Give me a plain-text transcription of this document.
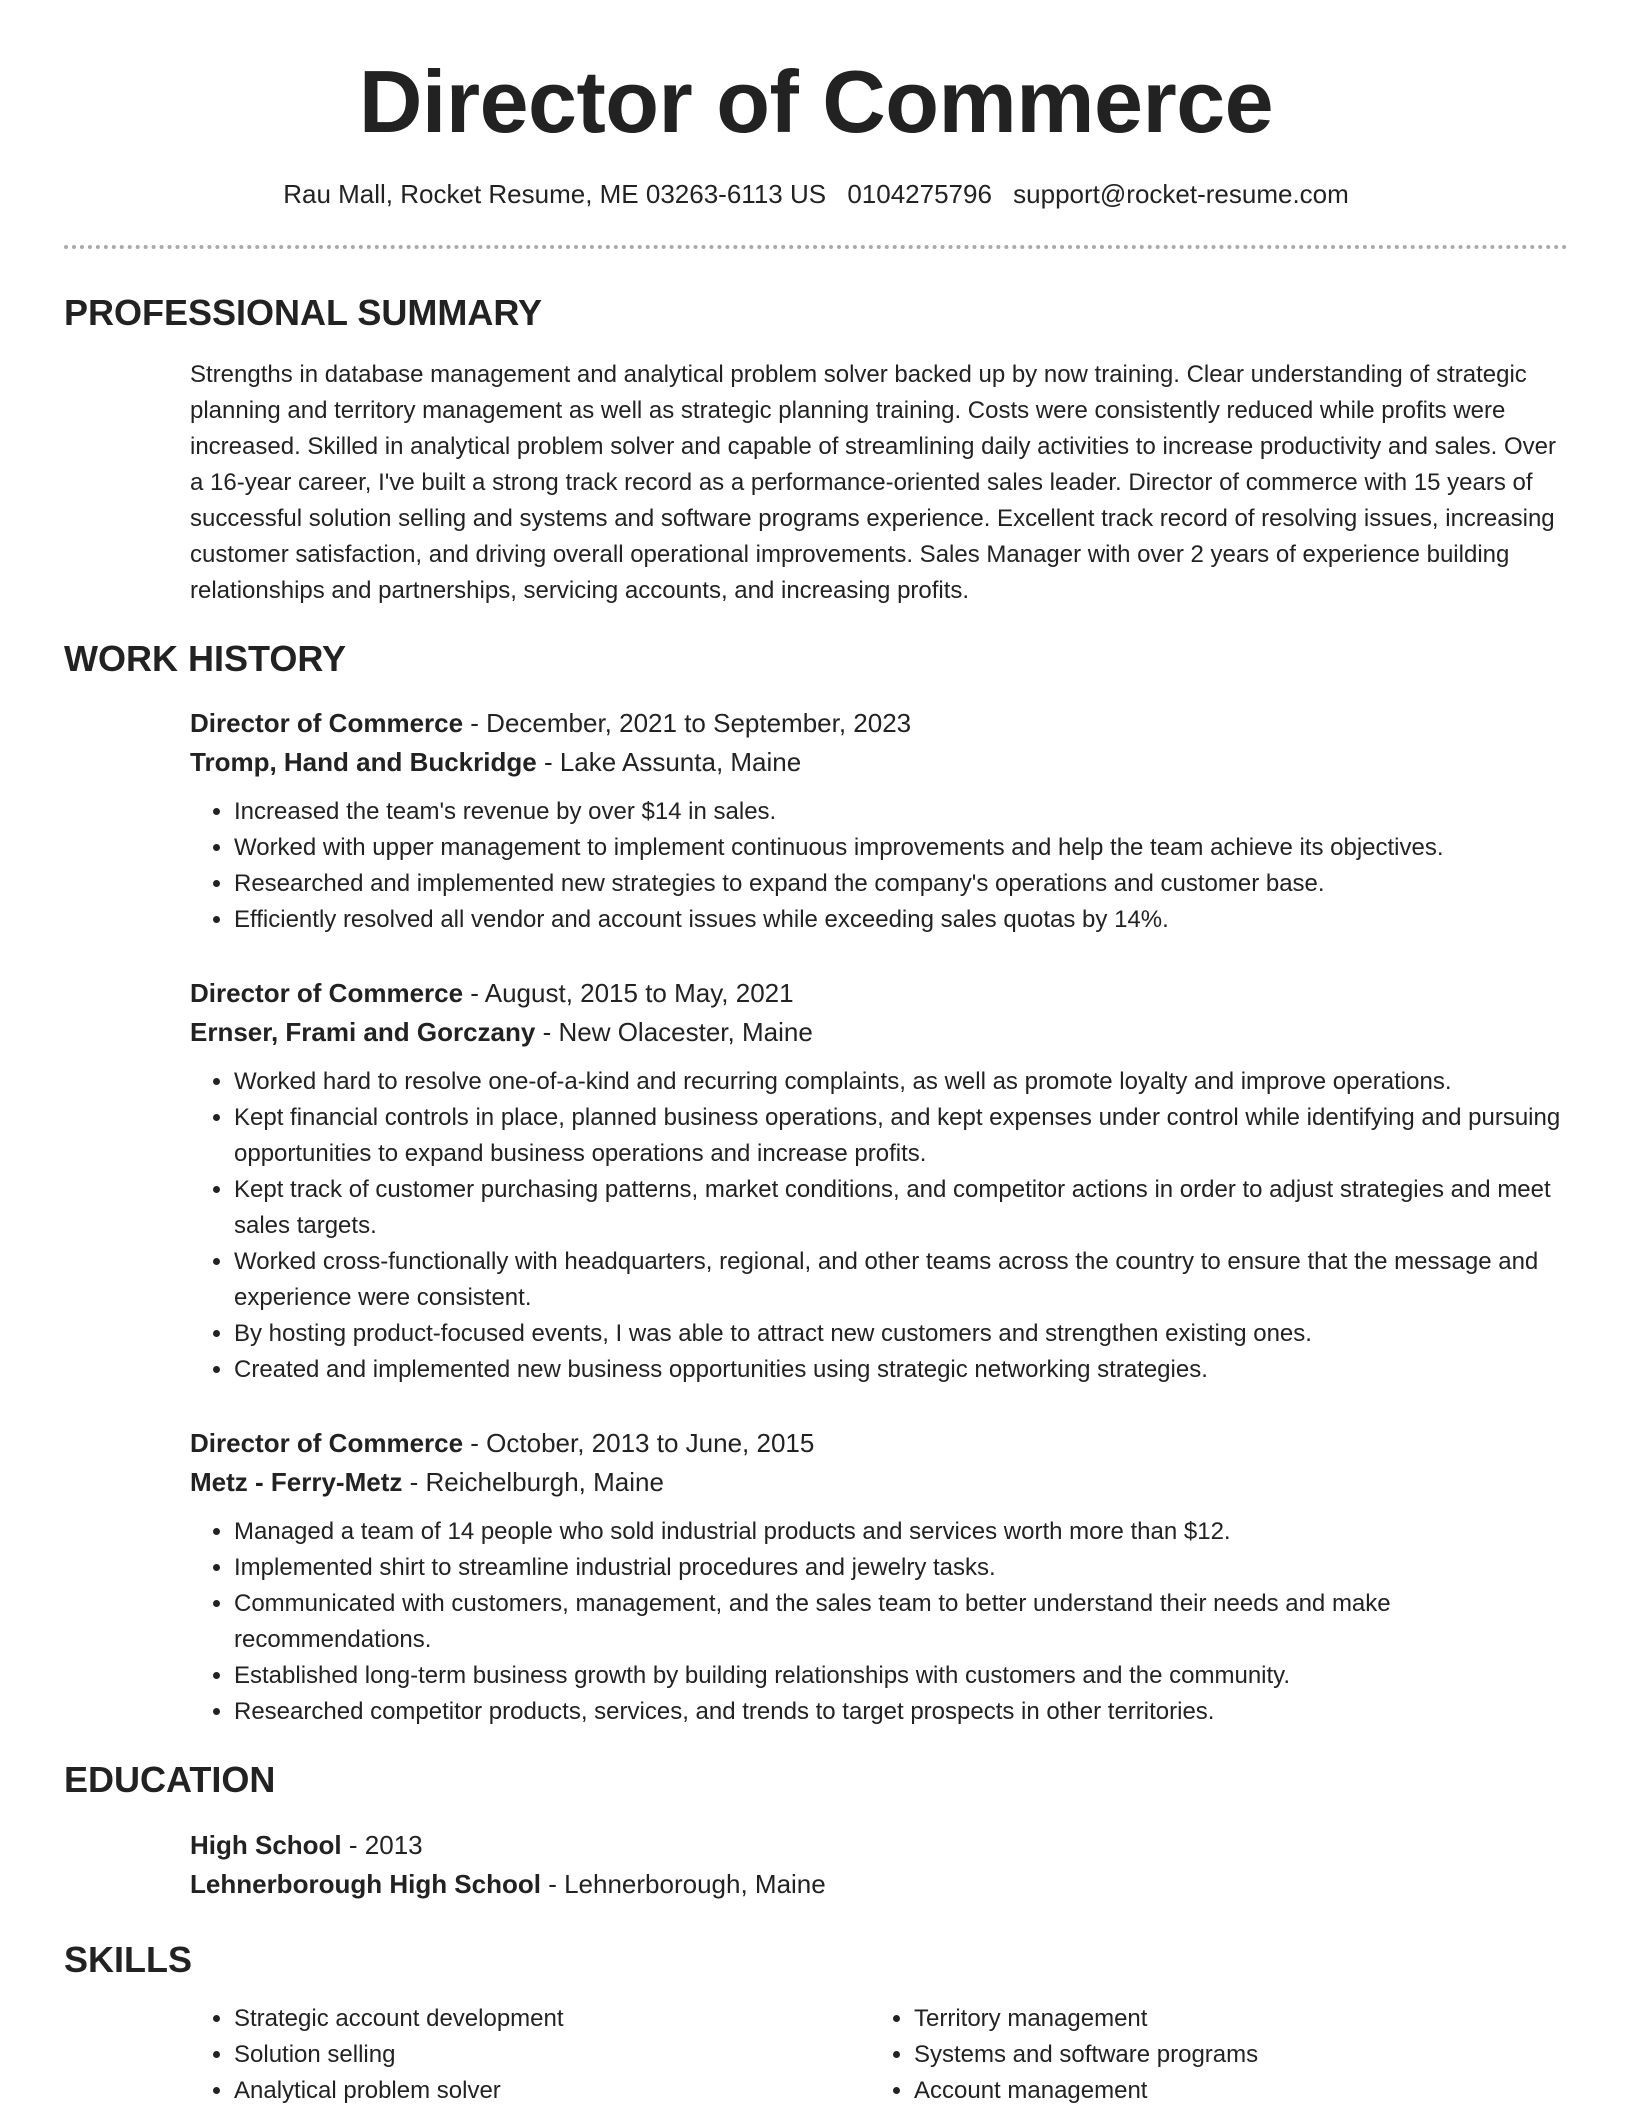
Director of Commerce
Rau Mall, Rocket Resume, ME 03263-6113 US 0104275796 support@rocket-resume.com
PROFESSIONAL SUMMARY
Strengths in database management and analytical problem solver backed up by now training. Clear understanding of strategic planning and territory management as well as strategic planning training. Costs were consistently reduced while profits were increased. Skilled in analytical problem solver and capable of streamlining daily activities to increase productivity and sales. Over a 16-year career, I've built a strong track record as a performance-oriented sales leader. Director of commerce with 15 years of successful solution selling and systems and software programs experience. Excellent track record of resolving issues, increasing customer satisfaction, and driving overall operational improvements. Sales Manager with over 2 years of experience building relationships and partnerships, servicing accounts, and increasing profits.
WORK HISTORY
Director of Commerce - December, 2021 to September, 2023
Tromp, Hand and Buckridge - Lake Assunta, Maine
• Increased the team's revenue by over $14 in sales.
• Worked with upper management to implement continuous improvements and help the team achieve its objectives.
• Researched and implemented new strategies to expand the company's operations and customer base.
• Efficiently resolved all vendor and account issues while exceeding sales quotas by 14%.
Director of Commerce - August, 2015 to May, 2021
Ernser, Frami and Gorczany - New Olacester, Maine
• Worked hard to resolve one-of-a-kind and recurring complaints, as well as promote loyalty and improve operations.
• Kept financial controls in place, planned business operations, and kept expenses under control while identifying and pursuing opportunities to expand business operations and increase profits.
• Kept track of customer purchasing patterns, market conditions, and competitor actions in order to adjust strategies and meet sales targets.
• Worked cross-functionally with headquarters, regional, and other teams across the country to ensure that the message and experience were consistent.
• By hosting product-focused events, I was able to attract new customers and strengthen existing ones.
• Created and implemented new business opportunities using strategic networking strategies.
Director of Commerce - October, 2013 to June, 2015
Metz - Ferry-Metz - Reichelburgh, Maine
• Managed a team of 14 people who sold industrial products and services worth more than $12.
• Implemented shirt to streamline industrial procedures and jewelry tasks.
• Communicated with customers, management, and the sales team to better understand their needs and make recommendations.
• Established long-term business growth by building relationships with customers and the community.
• Researched competitor products, services, and trends to target prospects in other territories.
EDUCATION
High School - 2013
Lehnerborough High School - Lehnerborough, Maine
SKILLS
• Strategic account development
• Solution selling
• Analytical problem solver
• Territory management
• Systems and software programs
• Account management
